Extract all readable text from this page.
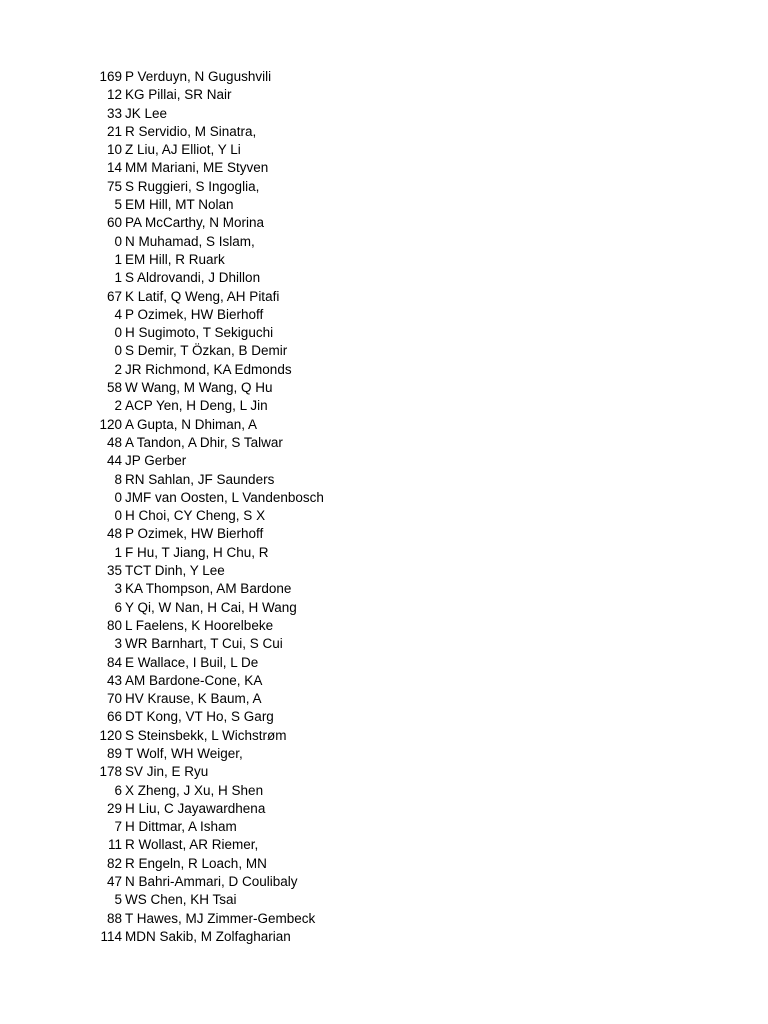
169 P Verduyn, N Gugushvili
12 KG Pillai, SR Nair
33 JK Lee
21 R Servidio, M Sinatra,
10 Z Liu, AJ Elliot, Y Li
14 MM Mariani, ME Styven
75 S Ruggieri, S Ingoglia,
5 EM Hill, MT Nolan
60 PA McCarthy, N Morina
0 N Muhamad, S Islam,
1 EM Hill, R Ruark
1 S Aldrovandi, J Dhillon
67 K Latif, Q Weng, AH Pitafi
4 P Ozimek, HW Bierhoff
0 H Sugimoto, T Sekiguchi
0 S Demir, T Özkan, B Demir
2 JR Richmond, KA Edmonds
58 W Wang, M Wang, Q Hu
2 ACP Yen, H Deng, L Jin
120 A Gupta, N Dhiman, A
48 A Tandon, A Dhir, S Talwar
44 JP Gerber
8 RN Sahlan, JF Saunders
0 JMF van Oosten, L Vandenbosch
0 H Choi, CY Cheng, S X
48 P Ozimek, HW Bierhoff
1 F Hu, T Jiang, H Chu, R
35 TCT Dinh, Y Lee
3 KA Thompson, AM Bardone
6 Y Qi, W Nan, H Cai, H Wang
80 L Faelens, K Hoorelbeke
3 WR Barnhart, T Cui, S Cui
84 E Wallace, I Buil, L De
43 AM Bardone-Cone, KA
70 HV Krause, K Baum, A
66 DT Kong, VT Ho, S Garg
120 S Steinsbekk, L Wichstrøm
89 T Wolf, WH Weiger,
178 SV Jin, E Ryu
6 X Zheng, J Xu, H Shen
29 H Liu, C Jayawardhena
7 H Dittmar, A Isham
11 R Wollast, AR Riemer,
82 R Engeln, R Loach, MN
47 N Bahri-Ammari, D Coulibaly
5 WS Chen, KH Tsai
88 T Hawes, MJ Zimmer-Gembeck
114 MDN Sakib, M Zolfagharian
